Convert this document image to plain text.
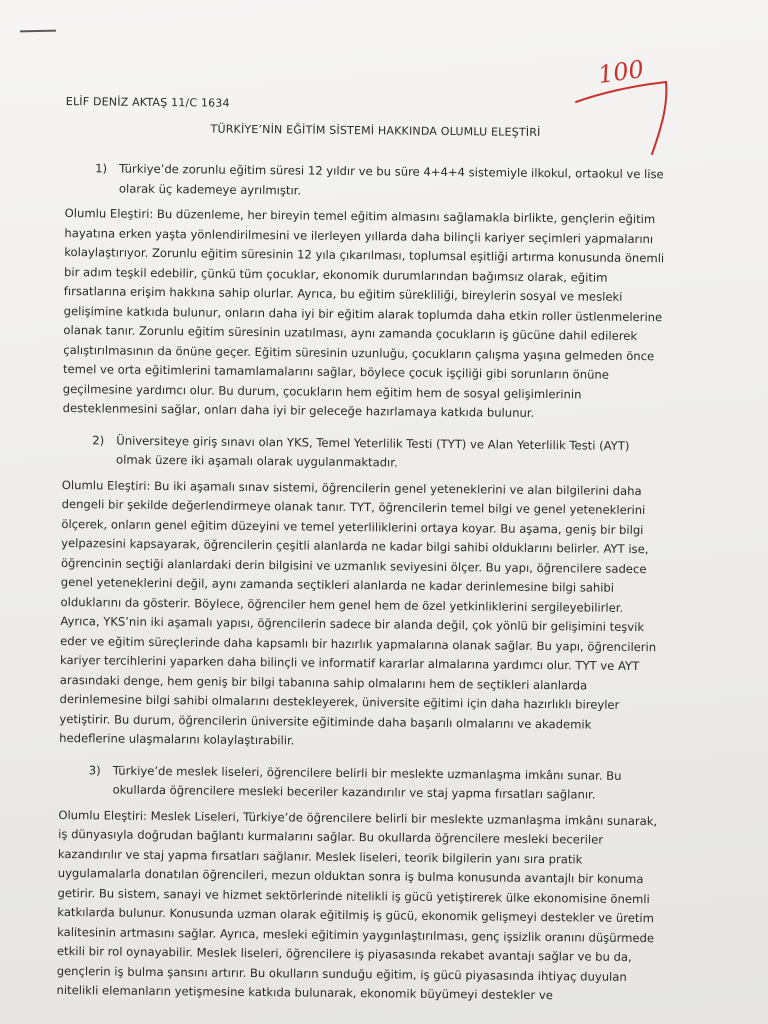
100
ELİF DENİZ AKTAŞ 11/C 1634
TÜRKİYE’NİN EĞİTİM SİSTEMİ HAKKINDA OLUMLU ELEŞTİRİ
1)	Türkiye’de zorunlu eğitim süresi 12 yıldır ve bu süre 4+4+4 sistemiyle ilkokul, ortaokul ve lise olarak üç kademeye ayrılmıştır.

Olumlu Eleştiri: Bu düzenleme, her bireyin temel eğitim almasını sağlamakla birlikte, gençlerin eğitim hayatına erken yaşta yönlendirilmesini ve ilerleyen yıllarda daha bilinçli kariyer seçimleri yapmalarını kolaylaştırıyor. Zorunlu eğitim süresinin 12 yıla çıkarılması, toplumsal eşitliği artırma konusunda önemli bir adım teşkil edebilir, çünkü tüm çocuklar, ekonomik durumlarından bağımsız olarak, eğitim fırsatlarına erişim hakkına sahip olurlar. Ayrıca, bu eğitim sürekliliği, bireylerin sosyal ve mesleki gelişimine katkıda bulunur, onların daha iyi bir eğitim alarak toplumda daha etkin roller üstlenmelerine olanak tanır. Zorunlu eğitim süresinin uzatılması, aynı zamanda çocukların iş gücüne dahil edilerek çalıştırılmasının da önüne geçer. Eğitim süresinin uzunluğu, çocukların çalışma yaşına gelmeden önce temel ve orta eğitimlerini tamamlamalarını sağlar, böylece çocuk işçiliği gibi sorunların önüne geçilmesine yardımcı olur. Bu durum, çocukların hem eğitim hem de sosyal gelişimlerinin desteklenmesini sağlar, onları daha iyi bir geleceğe hazırlamaya katkıda bulunur.

2)	Üniversiteye giriş sınavı olan YKS, Temel Yeterlilik Testi (TYT) ve Alan Yeterlilik Testi (AYT) olmak üzere iki aşamalı olarak uygulanmaktadır.

Olumlu Eleştiri: Bu iki aşamalı sınav sistemi, öğrencilerin genel yeteneklerini ve alan bilgilerini daha dengeli bir şekilde değerlendirmeye olanak tanır. TYT, öğrencilerin temel bilgi ve genel yeteneklerini ölçerek, onların genel eğitim düzeyini ve temel yeterliliklerini ortaya koyar. Bu aşama, geniş bir bilgi yelpazesini kapsayarak, öğrencilerin çeşitli alanlarda ne kadar bilgi sahibi olduklarını belirler. AYT ise, öğrencinin seçtiği alanlardaki derin bilgisini ve uzmanlık seviyesini ölçer. Bu yapı, öğrencilere sadece genel yeteneklerini değil, aynı zamanda seçtikleri alanlarda ne kadar derinlemesine bilgi sahibi olduklarını da gösterir. Böylece, öğrenciler hem genel hem de özel yetkinliklerini sergileyebilirler. Ayrıca, YKS’nin iki aşamalı yapısı, öğrencilerin sadece bir alanda değil, çok yönlü bir gelişimini teşvik eder ve eğitim süreçlerinde daha kapsamlı bir hazırlık yapmalarına olanak sağlar. Bu yapı, öğrencilerin kariyer tercihlerini yaparken daha bilinçli ve informatif kararlar almalarına yardımcı olur. TYT ve AYT arasındaki denge, hem geniş bir bilgi tabanına sahip olmalarını hem de seçtikleri alanlarda derinlemesine bilgi sahibi olmalarını destekleyerek, üniversite eğitimi için daha hazırlıklı bireyler yetiştirir. Bu durum, öğrencilerin üniversite eğitiminde daha başarılı olmalarını ve akademik hedeflerine ulaşmalarını kolaylaştırabilir.

3)	Türkiye’de meslek liseleri, öğrencilere belirli bir meslekte uzmanlaşma imkânı sunar. Bu okullarda öğrencilere mesleki beceriler kazandırılır ve staj yapma fırsatları sağlanır.

Olumlu Eleştiri: Meslek Liseleri, Türkiye’de öğrencilere belirli bir meslekte uzmanlaşma imkânı sunarak, iş dünyasıyla doğrudan bağlantı kurmalarını sağlar. Bu okullarda öğrencilere mesleki beceriler kazandırılır ve staj yapma fırsatları sağlanır. Meslek liseleri, teorik bilgilerin yanı sıra pratik uygulamalarla donatılan öğrencileri, mezun olduktan sonra iş bulma konusunda avantajlı bir konuma getirir. Bu sistem, sanayi ve hizmet sektörlerinde nitelikli iş gücü yetiştirerek ülke ekonomisine önemli katkılarda bulunur. Konusunda uzman olarak eğitilmiş iş gücü, ekonomik gelişmeyi destekler ve üretim kalitesinin artmasını sağlar. Ayrıca, mesleki eğitimin yaygınlaştırılması, genç işsizlik oranını düşürmede etkili bir rol oynayabilir. Meslek liseleri, öğrencilere iş piyasasında rekabet avantajı sağlar ve bu da, gençlerin iş bulma şansını artırır. Bu okulların sunduğu eğitim, iş gücü piyasasında ihtiyaç duyulan nitelikli elemanların yetişmesine katkıda bulunarak, ekonomik büyümeyi destekler ve
